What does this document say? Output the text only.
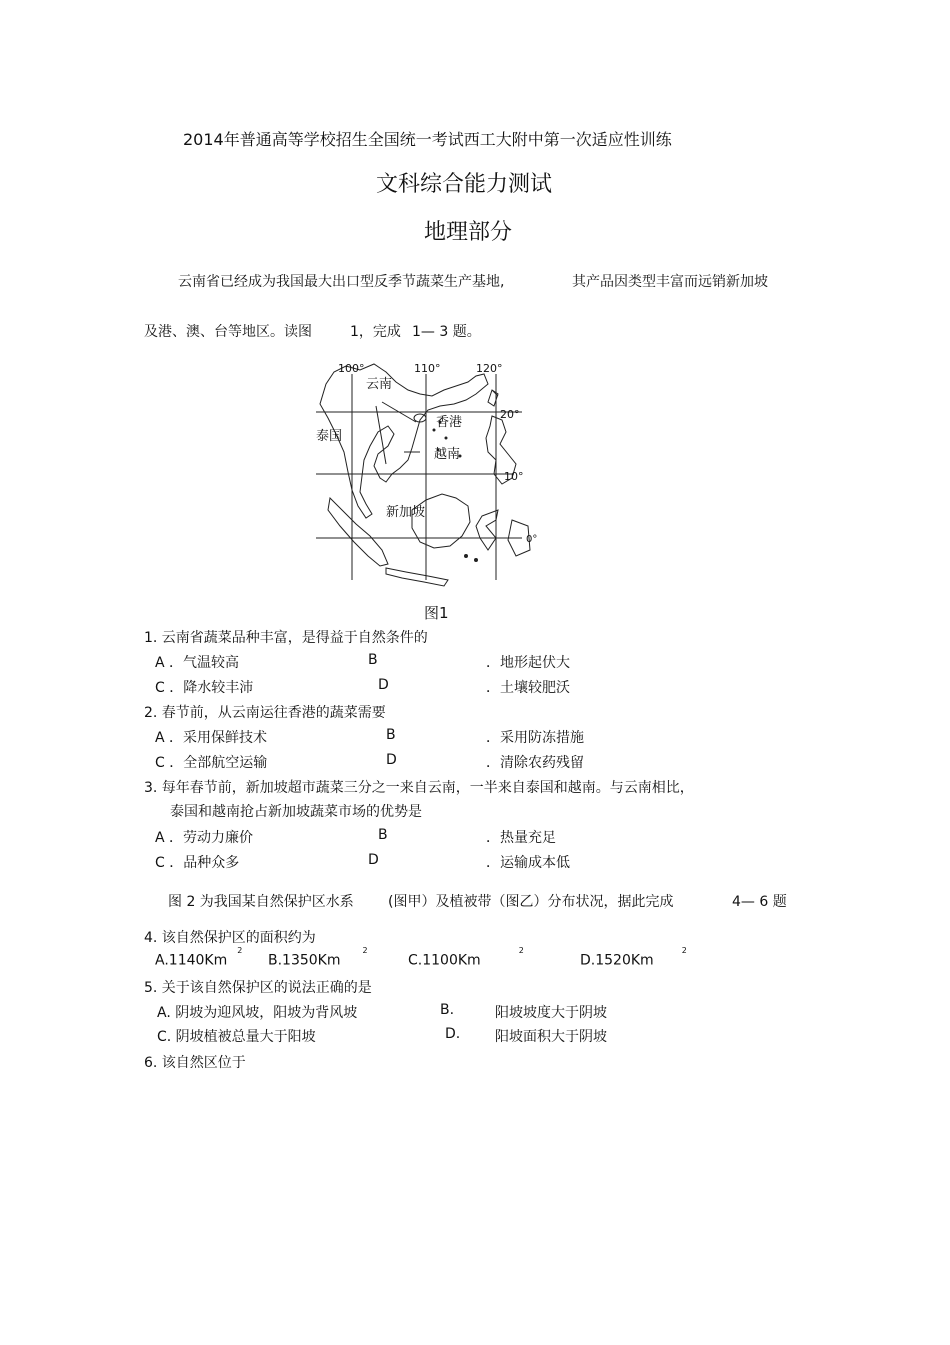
2014年普通高等学校招生全国统一考试西工大附中第一次适应性训练
文科综合能力测试
地理部分
云南省已经成为我国最大出口型反季节蔬菜生产基地,	其产品因类型丰富而远销新加坡
及港、澳、台等地区。读图	1，完成 1— 3 题。
100°	110°	120°
20°
10°
0°
云南
香港
泰国
越南
新加坡
图1
1. 云南省蔬菜品种丰富，是得益于自然条件的
A ．气温较高	B	．地形起伏大
C ．降水较丰沛	D	．土壤较肥沃
2. 春节前，从云南运往香港的蔬菜需要
A ．采用保鲜技术	B	．采用防冻措施
C ．全部航空运输	D	．清除农药残留
3. 每年春节前，新加坡超市蔬菜三分之一来自云南，一半来自泰国和越南。与云南相比，
泰国和越南抢占新加坡蔬菜市场的优势是
A ．劳动力廉价	B	．热量充足
C ．品种众多	D	．运输成本低
图 2 为我国某自然保护区水系 (图甲）及植被带（图乙）分布状况，据此完成	4— 6 题
4. 该自然保护区的面积约为
A.1140Km$^2$
B.1350Km$^2$
C.1100Km$^2$
D.1520Km$^2$
5. 关于该自然保护区的说法正确的是
A. 阴坡为迎风坡，阳坡为背风坡	B.	阳坡坡度大于阴坡
C. 阴坡植被总量大于阳坡	D. 阳坡面积大于阴坡
6. 该自然区位于
